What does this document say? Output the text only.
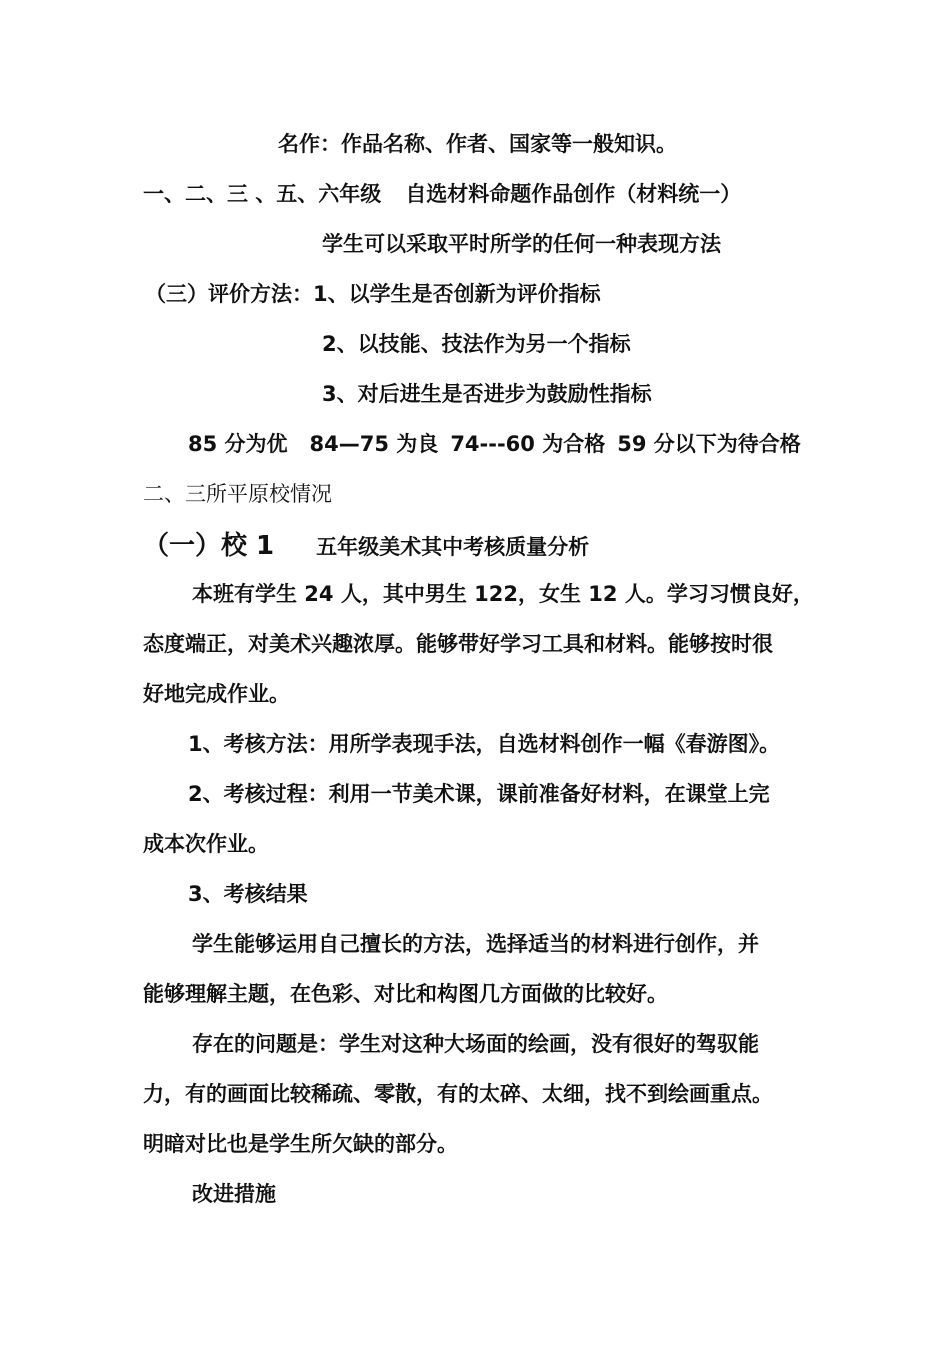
名作：作品名称、作者、国家等一般知识。
一、二、三 、五、六年级 自选材料命题作品创作（材料统一）
学生可以采取平时所学的任何一种表现方法
（三）评价方法：1、以学生是否创新为评价指标
2、以技能、技法作为另一个指标
3、对后进生是否进步为鼓励性指标
85 分为优 84—75 为良 74---60 为合格 59 分以下为待合格
二、三所平原校情况
（一）校 1 五年级美术其中考核质量分析
本班有学生 24 人，其中男生 122，女生 12 人。学习习惯良好，
态度端正，对美术兴趣浓厚。能够带好学习工具和材料。能够按时很
好地完成作业。
1、考核方法：用所学表现手法，自选材料创作一幅《春游图》。
2、考核过程：利用一节美术课，课前准备好材料，在课堂上完
成本次作业。
3、考核结果
学生能够运用自己擅长的方法，选择适当的材料进行创作，并
能够理解主题，在色彩、对比和构图几方面做的比较好。
存在的问题是：学生对这种大场面的绘画，没有很好的驾驭能
力，有的画面比较稀疏、零散，有的太碎、太细，找不到绘画重点。
明暗对比也是学生所欠缺的部分。
改进措施
